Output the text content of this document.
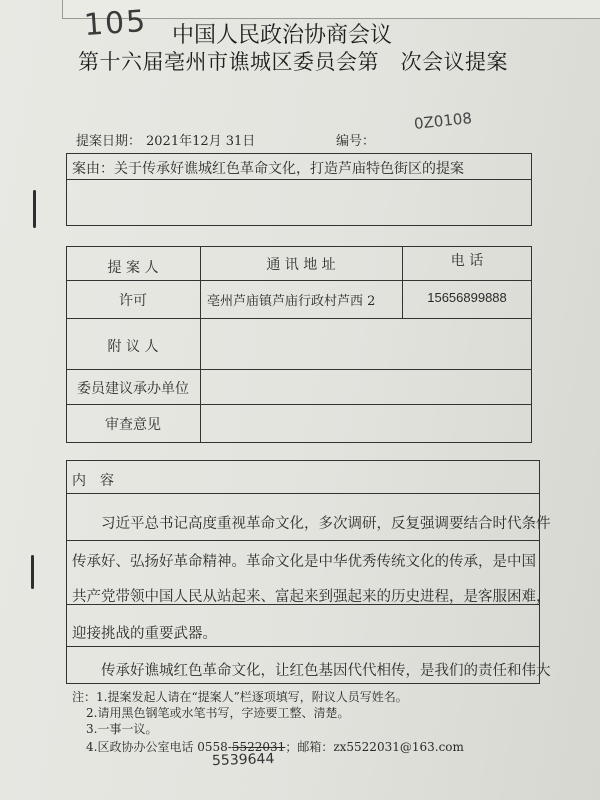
105 中国人民政治协商会议
第十六届亳州市谯城区委员会第　次会议提案
提案日期： 2021年12月 31日	编号：
0Z0108
案由： 关于传承好谯城红色革命文化，打造芦庙特色街区的提案
提 案 人	通 讯 地 址	电 话
许可	亳州芦庙镇芦庙行政村芦西 2	15656899888
附 议 人
委员建议承办单位
审查意见
内　容
　　习近平总书记高度重视革命文化，多次调研，反复强调要结合时代条件
传承好、弘扬好革命精神。革命文化是中华优秀传统文化的传承，是中国
共产党带领中国人民从站起来、富起来到强起来的历史进程，是客服困难，
迎接挑战的重要武器。
　　传承好谯城红色革命文化，让红色基因代代相传，是我们的责任和伟大
注：1.提案发起人请在“提案人”栏逐项填写，附议人员写姓名。
2.请用黑色钢笔或水笔书写，字迹要工整、清楚。
3.一事一议。
4.区政协办公室电话 0558-5522031；邮箱：zx5522031@163.com
5539644
